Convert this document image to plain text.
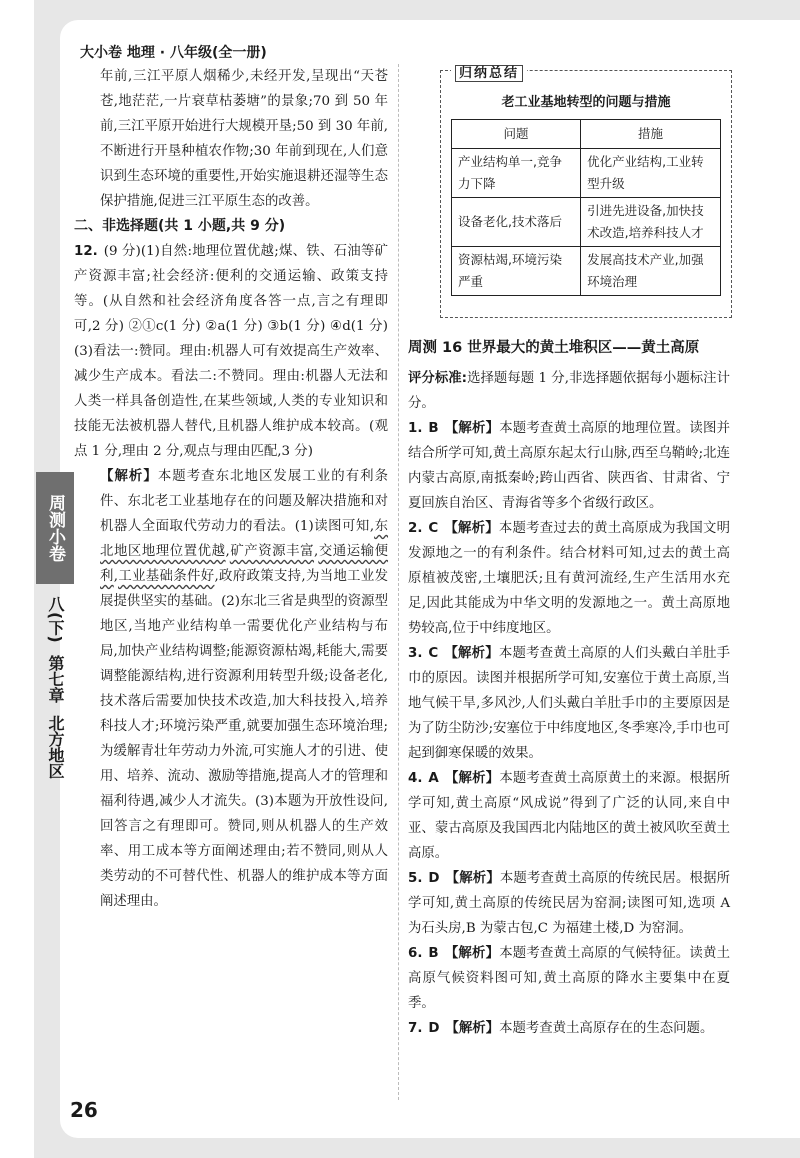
大小卷 地理 · 八年级(全一册)

年前,三江平原人烟稀少,未经开发,呈现出“天苍苍,地茫茫,一片衰草枯萎塘”的景象;70 到 50 年前,三江平原开始进行大规模开垦;50 到 30 年前,不断进行开垦种植农作物;30 年前到现在,人们意识到生态环境的重要性,开始实施退耕还湿等生态保护措施,促进三江平原生态的改善。

二、非选择题(共 1 小题,共 9 分)

12. (9 分)(1)自然:地理位置优越;煤、铁、石油等矿产资源丰富;社会经济:便利的交通运输、政策支持等。(从自然和社会经济角度各答一点,言之有理即可,2 分) ②①c(1 分) ②a(1 分) ③b(1 分) ④d(1 分) (3)看法一:赞同。理由:机器人可有效提高生产效率、减少生产成本。看法二:不赞同。理由:机器人无法和人类一样具备创造性,在某些领域,人类的专业知识和技能无法被机器人替代,且机器人维护成本较高。(观点 1 分,理由 2 分,观点与理由匹配,3 分)

【解析】本题考查东北地区发展工业的有利条件、东北老工业基地存在的问题及解决措施和对机器人全面取代劳动力的看法。(1)读图可知,东北地区地理位置优越,矿产资源丰富,交通运输便利,工业基础条件好,政府政策支持,为当地工业发展提供坚实的基础。(2)东北三省是典型的资源型地区,当地产业结构单一需要优化产业结构与布局,加快产业结构调整;能源资源枯竭,耗能大,需要调整能源结构,进行资源利用转型升级;设备老化,技术落后需要加快技术改造,加大科技投入,培养科技人才;环境污染严重,就要加强生态环境治理;为缓解青壮年劳动力外流,可实施人才的引进、使用、培养、流动、激励等措施,提高人才的管理和福利待遇,减少人才流失。(3)本题为开放性设问,回答言之有理即可。赞同,则从机器人的生产效率、用工成本等方面阐述理由;若不赞同,则从人类劳动的不可替代性、机器人的维护成本等方面阐述理由。

周测小卷
八(下)
第七章
北方地区
归纳总结
老工业基地转型的问题与措施
问题	措施
产业结构单一,竞争力下降	优化产业结构,工业转型升级
设备老化,技术落后	引进先进设备,加快技术改造,培养科技人才
资源枯竭,环境污染严重	发展高技术产业,加强环境治理
周测 16 世界最大的黄土堆积区——黄土高原

评分标准:选择题每题 1 分,非选择题依据每小题标注计分。

1. B 【解析】本题考查黄土高原的地理位置。读图并结合所学可知,黄土高原东起太行山脉,西至乌鞘岭;北连内蒙古高原,南抵秦岭;跨山西省、陕西省、甘肃省、宁夏回族自治区、青海省等多个省级行政区。

2. C 【解析】本题考查过去的黄土高原成为我国文明发源地之一的有利条件。结合材料可知,过去的黄土高原植被茂密,土壤肥沃;且有黄河流经,生产生活用水充足,因此其能成为中华文明的发源地之一。黄土高原地势较高,位于中纬度地区。

3. C 【解析】本题考查黄土高原的人们头戴白羊肚手巾的原因。读图并根据所学可知,安塞位于黄土高原,当地气候干旱,多风沙,人们头戴白羊肚手巾的主要原因是为了防尘防沙;安塞位于中纬度地区,冬季寒冷,手巾也可起到御寒保暖的效果。

4. A 【解析】本题考查黄土高原黄土的来源。根据所学可知,黄土高原“风成说”得到了广泛的认同,来自中亚、蒙古高原及我国西北内陆地区的黄土被风吹至黄土高原。

5. D 【解析】本题考查黄土高原的传统民居。根据所学可知,黄土高原的传统民居为窑洞;读图可知,选项 A 为石头房,B 为蒙古包,C 为福建土楼,D 为窑洞。

6. B 【解析】本题考查黄土高原的气候特征。读黄土高原气候资料图可知,黄土高原的降水主要集中在夏季。

7. D 【解析】本题考查黄土高原存在的生态问题。

26
